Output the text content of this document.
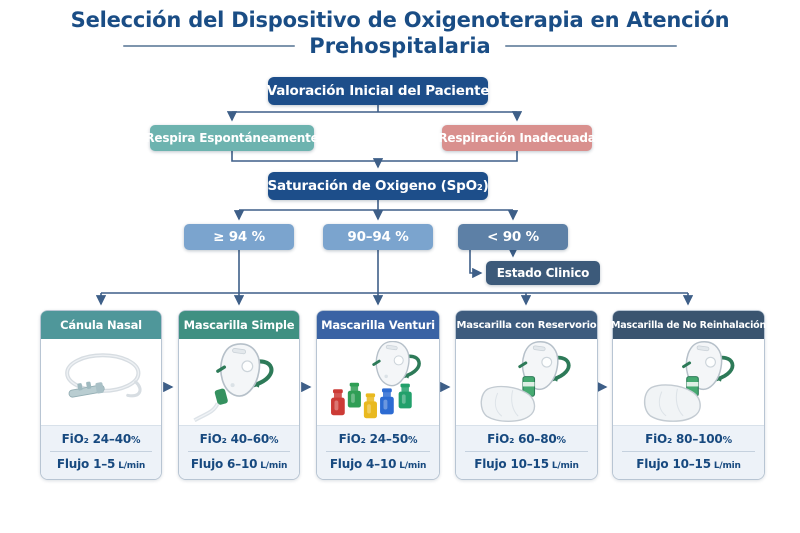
Selección del Dispositivo de Oxigenoterapia en Atención
Prehospitalaria
Valoración Inicial del Paciente
Respira Espontáneamente	Respiración Inadecuada
Saturación de Oxigeno (SpO₂)
≥ 94 %	90–94 %	< 90 %
Estado Clinico
Cánula Nasal
FiO₂ 24–40%
Flujo 1–5 L/min
Mascarilla Simple
FiO₂ 40–60%
Flujo 6–10 L/min
Mascarilla Venturi
FiO₂ 24–50%
Flujo 4–10 L/min
Mascarilla con Reservorio
FiO₂ 60–80%
Flujo 10–15 L/min
Mascarilla de No Reinhalación
FiO₂ 80–100%
Flujo 10–15 L/min
